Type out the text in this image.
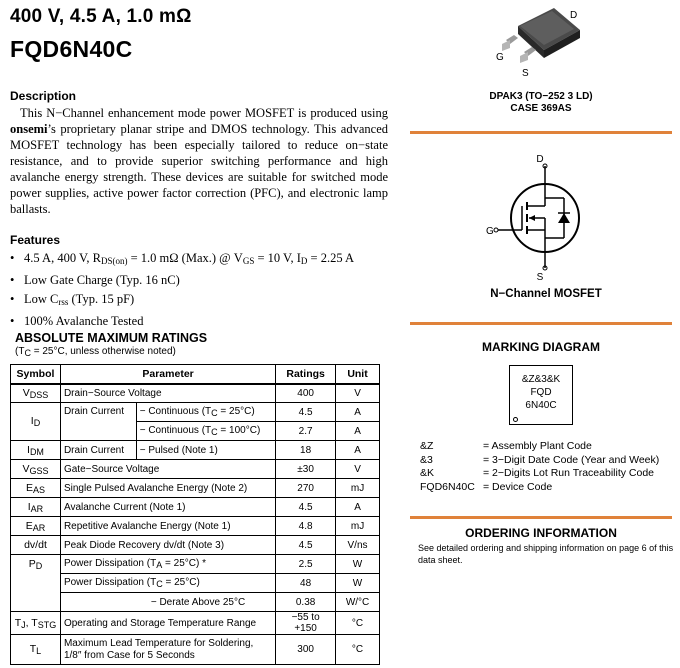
400 V, 4.5 A, 1.0 mΩ
FQD6N40C
Description
This N−Channel enhancement mode power MOSFET is produced using onsemi’s proprietary planar stripe and DMOS technology. This advanced MOSFET technology has been especially tailored to reduce on−state resistance, and to provide superior switching performance and high avalanche energy strength. These devices are suitable for switched mode power supplies, active power factor correction (PFC), and electronic lamp ballasts.
Features
• 4.5 A, 400 V, $R_{DS(on)} = 1.0$ mΩ (Max.) @ $V_{GS} = 10$ V, $I_D = 2.25$ A
• Low Gate Charge (Typ. 16 nC)
• Low $C_{rss}$ (Typ. 15 pF)
• 100% Avalanche Tested
ABSOLUTE MAXIMUM RATINGS
($T_C = 25^\circ C$, unless otherwise noted)
Symbol	Parameter		Ratings	Unit
$V_{DSS}$	Drain−Source Voltage		400	V
$I_D$	Drain Current	− Continuous $(T_C = 25^\circ C)$	4.5	A
		− Continuous $(T_C = 100^\circ C)$	2.7	A
$I_{DM}$	Drain Current	− Pulsed (Note 1)	18	A
$V_{GSS}$	Gate−Source Voltage		±30	V
$E_{AS}$	Single Pulsed Avalanche Energy (Note 2)		270	mJ
$I_{AR}$	Avalanche Current (Note 1)		4.5	A
$E_{AR}$	Repetitive Avalanche Energy (Note 1)		4.8	mJ
dv/dt	Peak Diode Recovery dv/dt (Note 3)		4.5	V/ns
$P_D$	Power Dissipation $(T_A = 25^\circ C)$ *		2.5	W
	Power Dissipation $(T_C = 25^\circ C)$		48	W
	− Derate Above 25°C		0.38	W/°C
$T_J$, $T_{STG}$	Operating and Storage Temperature Range		−55 to +150	°C
$T_L$	Maximum Lead Temperature for Soldering,
1/8″ from Case for 5 Seconds		300	°C
D
G
S
DPAK3 (TO−252 3 LD)
CASE 369AS
D
G
S
N−Channel MOSFET
MARKING DIAGRAM
&Z&3&K
FQD
6N40C
&Z	= Assembly Plant Code
&3	= 3−Digit Date Code (Year and Week)
&K	= 2−Digits Lot Run Traceability Code
FQD6N40C	= Device Code
ORDERING INFORMATION
See detailed ordering and shipping information on page 6 of this data sheet.
